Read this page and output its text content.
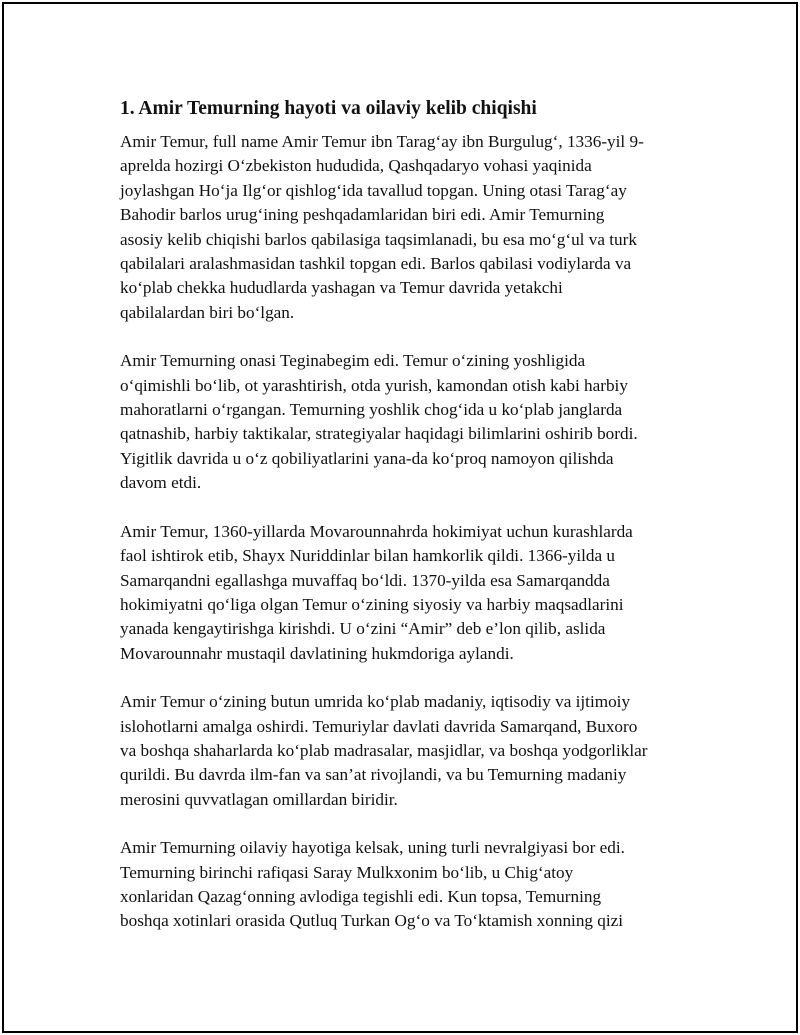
1. Amir Temurning hayoti va oilaviy kelib chiqishi
Amir Temur, full name Amir Temur ibn Tarag‘ay ibn Burgulug‘, 1336-yil 9-
aprelda hozirgi O‘zbekiston hududida, Qashqadaryo vohasi yaqinida
joylashgan Ho‘ja Ilg‘or qishlog‘ida tavallud topgan. Uning otasi Tarag‘ay
Bahodir barlos urug‘ining peshqadamlaridan biri edi. Amir Temurning
asosiy kelib chiqishi barlos qabilasiga taqsimlanadi, bu esa mo‘g‘ul va turk
qabilalari aralashmasidan tashkil topgan edi. Barlos qabilasi vodiylarda va
ko‘plab chekka hududlarda yashagan va Temur davrida yetakchi
qabilalardan biri bo‘lgan.
Amir Temurning onasi Teginabegim edi. Temur o‘zining yoshligida
o‘qimishli bo‘lib, ot yarashtirish, otda yurish, kamondan otish kabi harbiy
mahoratlarni o‘rgangan. Temurning yoshlik chog‘ida u ko‘plab janglarda
qatnashib, harbiy taktikalar, strategiyalar haqidagi bilimlarini oshirib bordi.
Yigitlik davrida u o‘z qobiliyatlarini yana-da ko‘proq namoyon qilishda
davom etdi.
Amir Temur, 1360-yillarda Movarounnahrda hokimiyat uchun kurashlarda
faol ishtirok etib, Shayx Nuriddinlar bilan hamkorlik qildi. 1366-yilda u
Samarqandni egallashga muvaffaq bo‘ldi. 1370-yilda esa Samarqandda
hokimiyatni qo‘liga olgan Temur o‘zining siyosiy va harbiy maqsadlarini
yanada kengaytirishga kirishdi. U o‘zini “Amir” deb e’lon qilib, aslida
Movarounnahr mustaqil davlatining hukmdoriga aylandi.
Amir Temur o‘zining butun umrida ko‘plab madaniy, iqtisodiy va ijtimoiy
islohotlarni amalga oshirdi. Temuriylar davlati davrida Samarqand, Buxoro
va boshqa shaharlarda ko‘plab madrasalar, masjidlar, va boshqa yodgorliklar
qurildi. Bu davrda ilm-fan va san’at rivojlandi, va bu Temurning madaniy
merosini quvvatlagan omillardan biridir.
Amir Temurning oilaviy hayotiga kelsak, uning turli nevralgiyasi bor edi.
Temurning birinchi rafiqasi Saray Mulkxonim bo‘lib, u Chig‘atoy
xonlaridan Qazag‘onning avlodiga tegishli edi. Kun topsa, Temurning
boshqa xotinlari orasida Qutluq Turkan Og‘o va To‘ktamish xonning qizi
